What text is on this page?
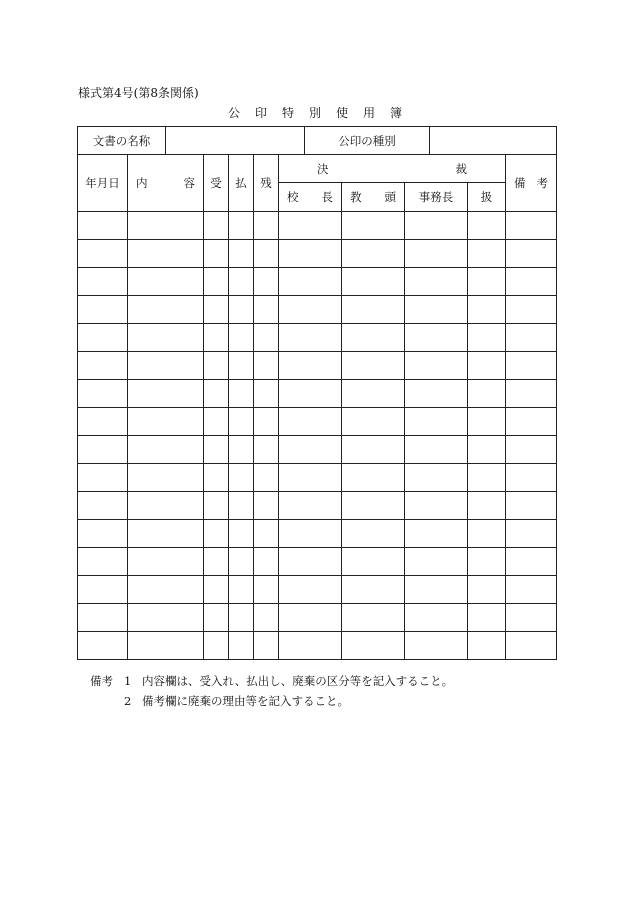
様式第4号(第8条関係)
公印特別使用簿
文書の名称		公印の種別	
年月日	内 容	受	払	残	決 裁				備 考

					校 長	教 頭	事務長	扱	

備考 1 内容欄は、受入れ、払出し、廃棄の区分等を記入すること。
2 備考欄に廃棄の理由等を記入すること。
